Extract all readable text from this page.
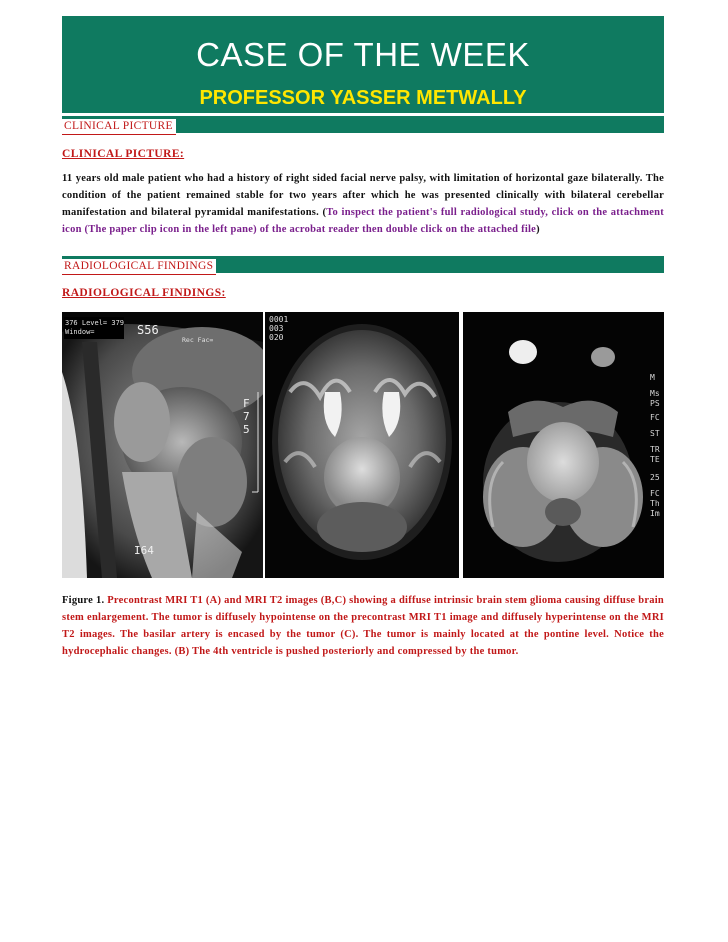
CASE OF THE WEEK
PROFESSOR YASSER METWALLY
CLINICAL PICTURE
CLINICAL PICTURE:
11 years old male patient who had a history of right sided facial nerve palsy, with limitation of horizontal gaze bilaterally. The condition of the patient remained stable for two years after which he was presented clinically with bilateral cerebellar manifestation and bilateral pyramidal manifestations. (To inspect the patient's full radiological study, click on the attachment icon (The paper clip icon in the left pane) of the acrobat reader then double click on the attached file)
RADIOLOGICAL FINDINGS
RADIOLOGICAL FINDINGS:
376 Level= 379
Window=	S56
Rec Fac=
F
7
5
I64
0001
003
020
M
Ms
PS
FC
ST
TR
TE
25
FC
Th
Im
Figure 1. Precontrast MRI T1 (A) and MRI T2 images (B,C) showing a diffuse intrinsic brain stem glioma causing diffuse brain stem enlargement. The tumor is diffusely hypointense on the precontrast MRI T1 image and diffusely hyperintense on the MRI T2 images. The basilar artery is encased by the tumor (C). The tumor is mainly located at the pontine level. Notice the hydrocephalic changes. (B) The 4th ventricle is pushed posteriorly and compressed by the tumor.
